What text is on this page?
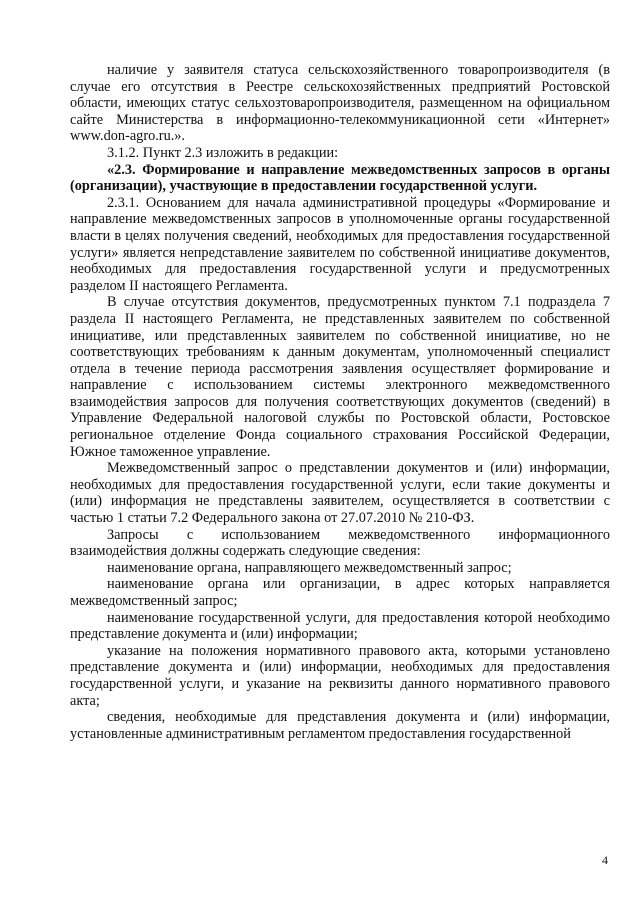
наличие у заявителя статуса сельскохозяйственного товаропроизводителя (в случае его отсутствия в Реестре сельскохозяйственных предприятий Ростовской области, имеющих статус сельхозтоваропроизводителя, размещенном на официальном сайте Министерства в информационно-телекоммуникационной сети «Интернет» www.don-agro.ru.».

3.1.2. Пункт 2.3 изложить в редакции:

«2.3. Формирование и направление межведомственных запросов в органы (организации), участвующие в предоставлении государственной услуги.

2.3.1. Основанием для начала административной процедуры «Формирование и направление межведомственных запросов в уполномоченные органы государственной власти в целях получения сведений, необходимых для предоставления государственной услуги» является непредставление заявителем по собственной инициативе документов, необходимых для предоставления государственной услуги и предусмотренных разделом II настоящего Регламента.

В случае отсутствия документов, предусмотренных пунктом 7.1 подраздела 7 раздела II настоящего Регламента, не представленных заявителем по собственной инициативе, или представленных заявителем по собственной инициативе, но не соответствующих требованиям к данным документам, уполномоченный специалист отдела в течение периода рассмотрения заявления осуществляет формирование и направление с использованием системы электронного межведомственного взаимодействия запросов для получения соответствующих документов (сведений) в Управление Федеральной налоговой службы по Ростовской области, Ростовское региональное отделение Фонда социального страхования Российской Федерации, Южное таможенное управление.

Межведомственный запрос о представлении документов и (или) информации, необходимых для предоставления государственной услуги, если такие документы и (или) информация не представлены заявителем, осуществляется в соответствии с частью 1 статьи 7.2 Федерального закона от 27.07.2010 № 210-ФЗ.

Запросы с использованием межведомственного информационного взаимодействия должны содержать следующие сведения:

наименование органа, направляющего межведомственный запрос;

наименование органа или организации, в адрес которых направляется межведомственный запрос;

наименование государственной услуги, для предоставления которой необходимо представление документа и (или) информации;

указание на положения нормативного правового акта, которыми установлено представление документа и (или) информации, необходимых для предоставления государственной услуги, и указание на реквизиты данного нормативного правового акта;

сведения, необходимые для представления документа и (или) информации, установленные административным регламентом предоставления государственной

4
